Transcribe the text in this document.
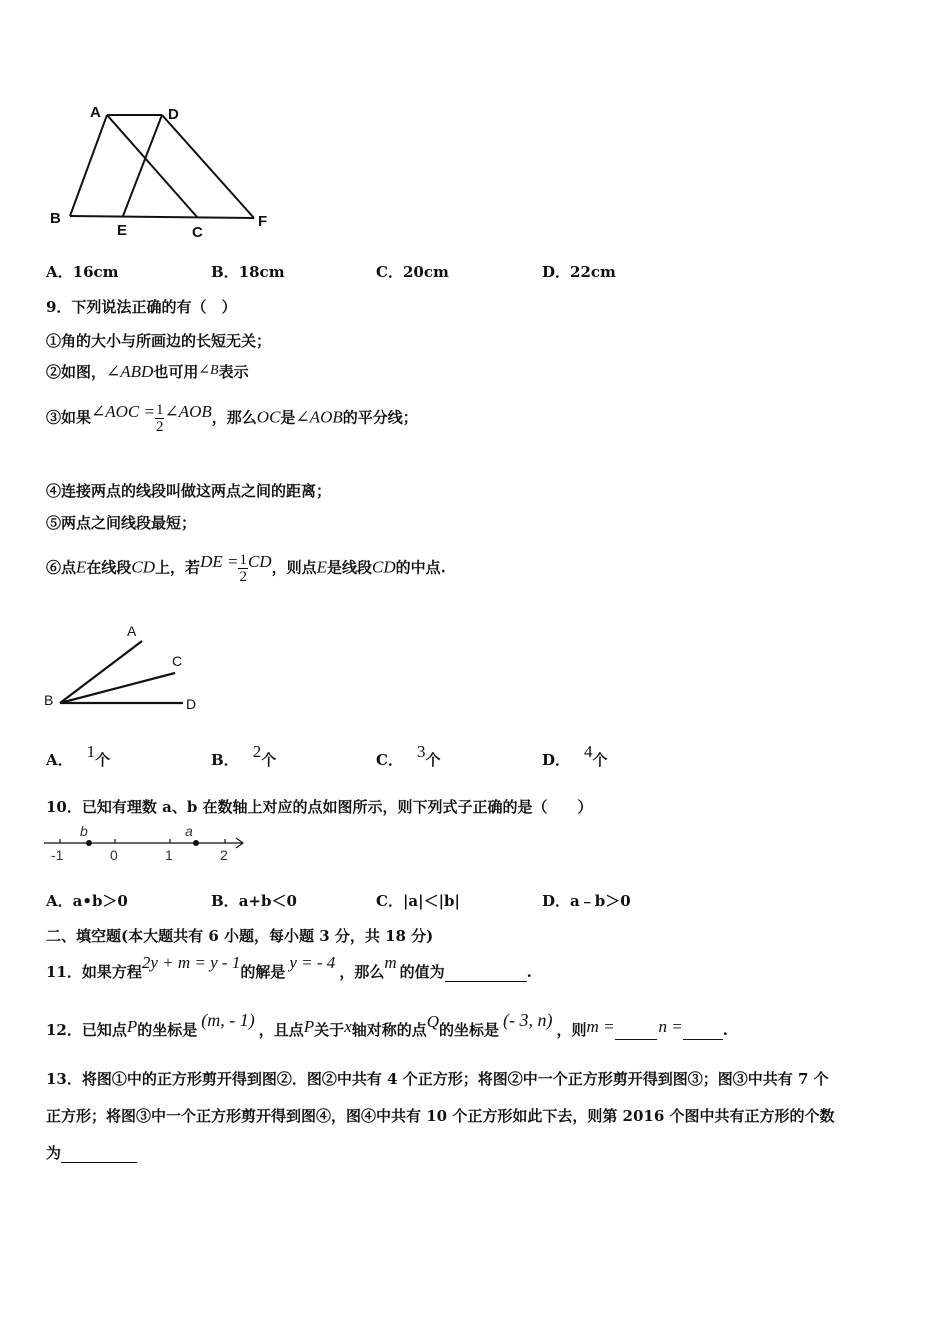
A	D
B
E	C
F
A．16cm	B．18cm	C．20cm	D．22cm
9．下列说法正确的有（　）
①角的大小与所画边的长短无关；
②如图，∠ABD也可用∠B表示
③如果∠AOC = $\frac{1}{2}$ ∠AOB，那么OC是∠AOB的平分线；
④连接两点的线段叫做这两点之间的距离；
⑤两点之间线段最短；
⑥点E在线段CD上，若DE = $\frac{1}{2}$ CD，则点E是线段CD的中点.
A
C
B	D
A． 1个	B． 2个	C． 3个	D． 4个
10．已知有理数 a、b 在数轴上对应的点如图所示，则下列式子正确的是（　　）
-1	0	1	2
b	a
A．a•b＞0	B．a+b＜0	C．|a|＜|b|	D．a﹣b＞0
二、填空题(本大题共有 6 小题，每小题 3 分，共 18 分)
11．如果方程2y + m = y - 1的解是 y = - 4 ，那么m 的值为	.
12．已知点P的坐标是 (m, - 1) ，且点P关于x轴对称的点Q的坐标是 (- 3, n) ，则m =	n =	.
13．将图①中的正方形剪开得到图②．图②中共有 4 个正方形；将图②中一个正方形剪开得到图③；图③中共有 7 个
正方形；将图③中一个正方形剪开得到图④，图④中共有 10 个正方形如此下去，则第 2016 个图中共有正方形的个数
为
